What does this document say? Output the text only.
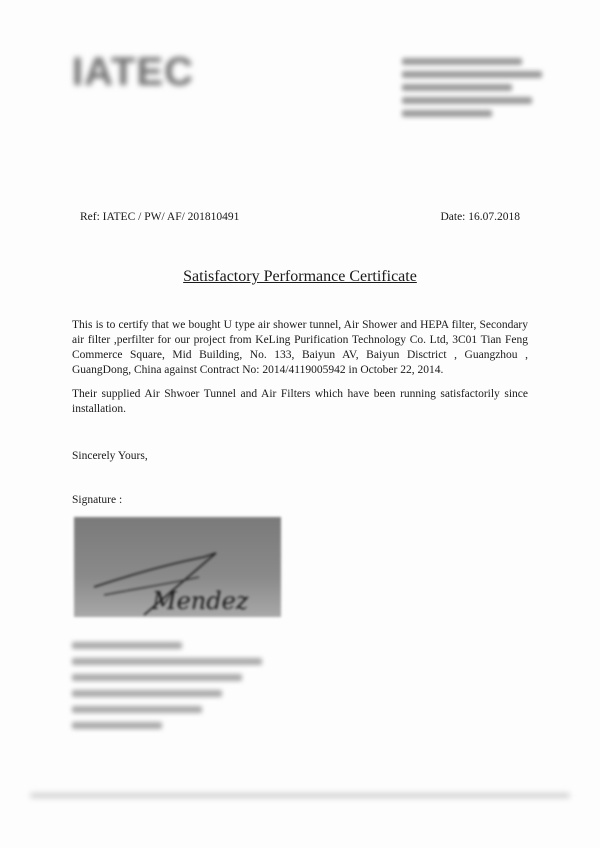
IATEC
Ref: IATEC / PW/ AF/ 201810491	Date: 16.07.2018
Satisfactory Performance Certificate

This is to certify that we bought U type air shower tunnel, Air Shower and HEPA filter, Secondary air filter ,perfilter for our project from KeLing Purification Technology Co. Ltd, 3C01 Tian Feng Commerce Square, Mid Building, No. 133, Baiyun AV, Baiyun Disctrict , Guangzhou , GuangDong, China against Contract No: 2014/4119005942 in October 22, 2014.

Their supplied Air Shwoer Tunnel and Air Filters which have been running satisfactorily since installation.

Sincerely Yours,
Signature :
Mendez
